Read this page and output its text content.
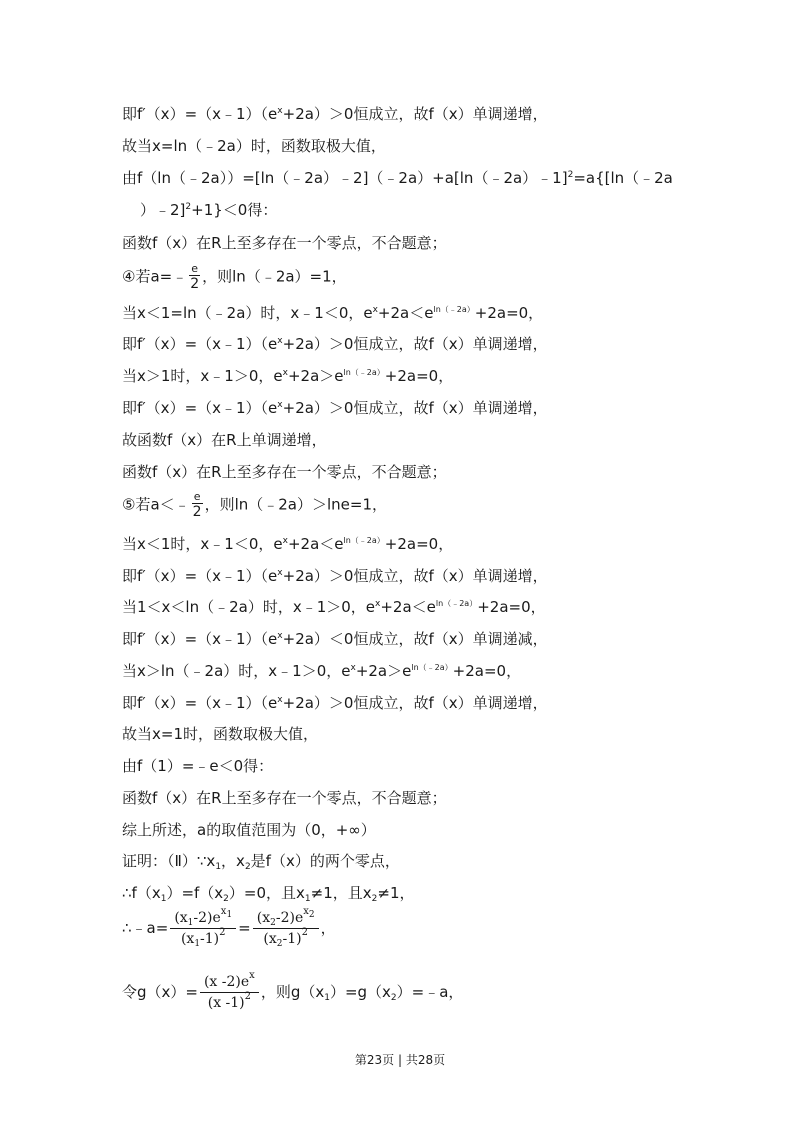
即$f'(x)=(x﹣1)(e^x+2a)>0$恒成立，故f（x）单调递增，
故当x=ln（﹣2a）时，函数取极大值，
由f（ln（﹣2a））=[ln（﹣2a）﹣2]（﹣2a）+a[ln（﹣2a）﹣1]$^2$=a{[ln（﹣2a
）﹣2]$^2$+1}＜0得：
函数f（x）在R上至多存在一个零点，不合题意；
④若a=﹣ $\frac{e}{2}$ ，则ln（﹣2a）=1，
当x＜1=ln（﹣2a）时，x﹣1＜0，$e^x+2a<e^{ln(﹣2a)}+2a=0$，
即$f'(x)=(x﹣1)(e^x+2a)>0$恒成立，故f（x）单调递增，
当x＞1时，x﹣1＞0，$e^x+2a>e^{ln(﹣2a)}+2a=0$，
即$f'(x)=(x﹣1)(e^x+2a)>0$恒成立，故f（x）单调递增，
故函数f（x）在R上单调递增，
函数f（x）在R上至多存在一个零点，不合题意；
⑤若a＜﹣ $\frac{e}{2}$ ，则ln（﹣2a）＞lne=1，
当x＜1时，x﹣1＜0，$e^x+2a<e^{ln(﹣2a)}+2a=0$，
即$f'(x)=(x﹣1)(e^x+2a)>0$恒成立，故f（x）单调递增，
当1＜x＜ln（﹣2a）时，x﹣1＞0，$e^x+2a<e^{ln(﹣2a)}+2a=0$，
即$f'(x)=(x﹣1)(e^x+2a)<0$恒成立，故f（x）单调递减，
当x＞ln（﹣2a）时，x﹣1＞0，$e^x+2a>e^{ln(﹣2a)}+2a=0$，
即$f'(x)=(x﹣1)(e^x+2a)>0$恒成立，故f（x）单调递增，
故当x=1时，函数取极大值，
由f（1）=﹣e＜0得：
函数f（x）在R上至多存在一个零点，不合题意；
综上所述，a的取值范围为（0，+∞）
证明：$(Ⅱ)\because x_1$，$x_2$是f（x）的两个零点，
$\therefore f(x_1)=f(x_2)=0$，且$x_1\ne 1$，且$x_2\ne 1$，
∴﹣a= $\frac{(x_1-2)e^{x_1}}{(x_1-1)^2} = \frac{(x_2-2)e^{x_2}}{(x_2-1)^2}$ ，
令$g(x)= \frac{(x -2)e^x}{(x -1)^2}$ ，则$g(x_1)=g(x_2)=﹣a$，
第23页 | 共28页
